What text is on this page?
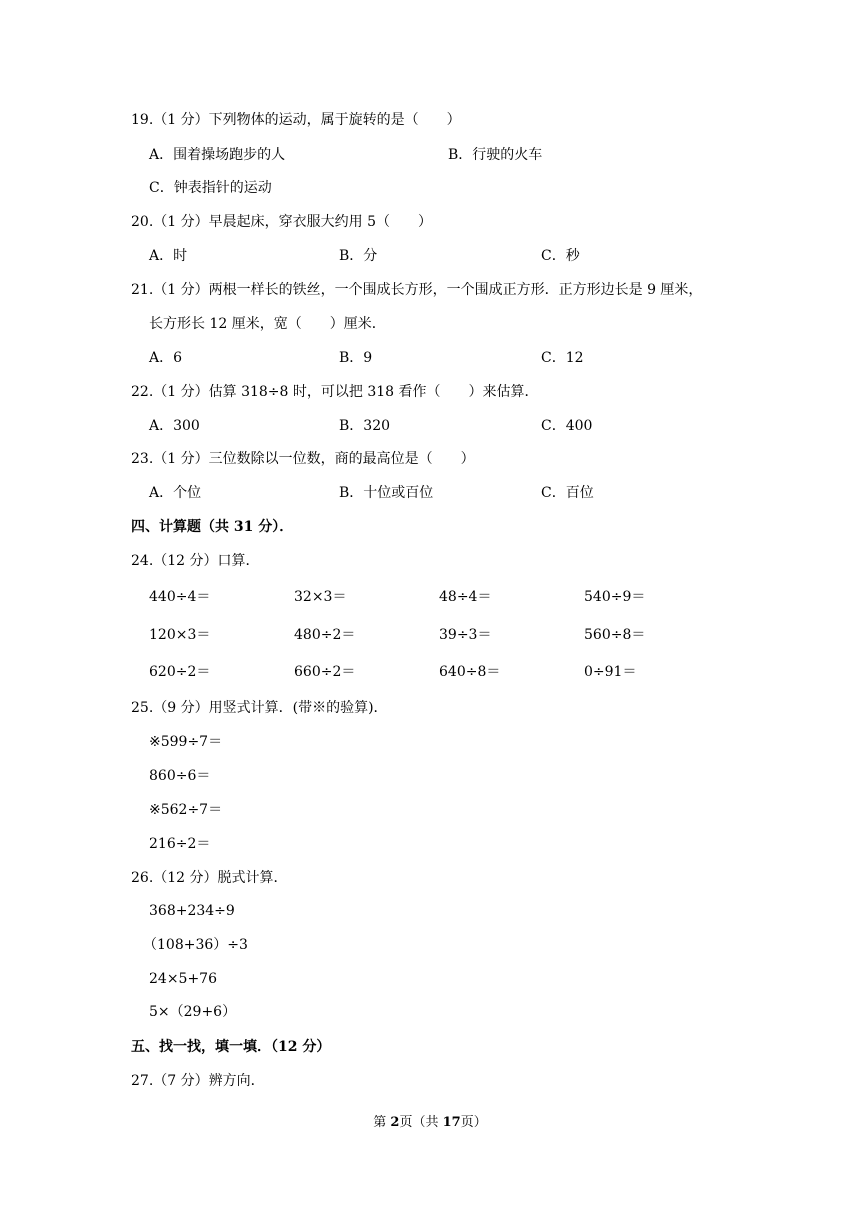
19.（1 分）下列物体的运动，属于旋转的是（　　）
A．围着操场跑步的人	B．行驶的火车
C．钟表指针的运动
20.（1 分）早晨起床，穿衣服大约用 5（　　）
A．时	B．分	C．秒
21.（1 分）两根一样长的铁丝，一个围成长方形，一个围成正方形．正方形边长是 9 厘米，
长方形长 12 厘米，宽（　　）厘米．
A．6	B．9	C．12
22.（1 分）估算 318÷8 时，可以把 318 看作（　　）来估算．
A．300	B．320	C．400
23.（1 分）三位数除以一位数，商的最高位是（　　）
A．个位	B．十位或百位	C．百位
四、计算题（共 31 分）．
24.（12 分）口算．
440÷4＝	32×3＝	48÷4＝	540÷9＝
120×3＝	480÷2＝	39÷3＝	560÷8＝
620÷2＝	660÷2＝	640÷8＝	0÷91＝
25.（9 分）用竖式计算．(带※的验算)．
※599÷7＝
860÷6＝
※562÷7＝
216÷2＝
26.（12 分）脱式计算．
368+234÷9
（108+36）÷3
24×5+76
5×（29+6）
五、找一找，填一填．（12 分）
27.（7 分）辨方向．
第 2页（共 17页）
